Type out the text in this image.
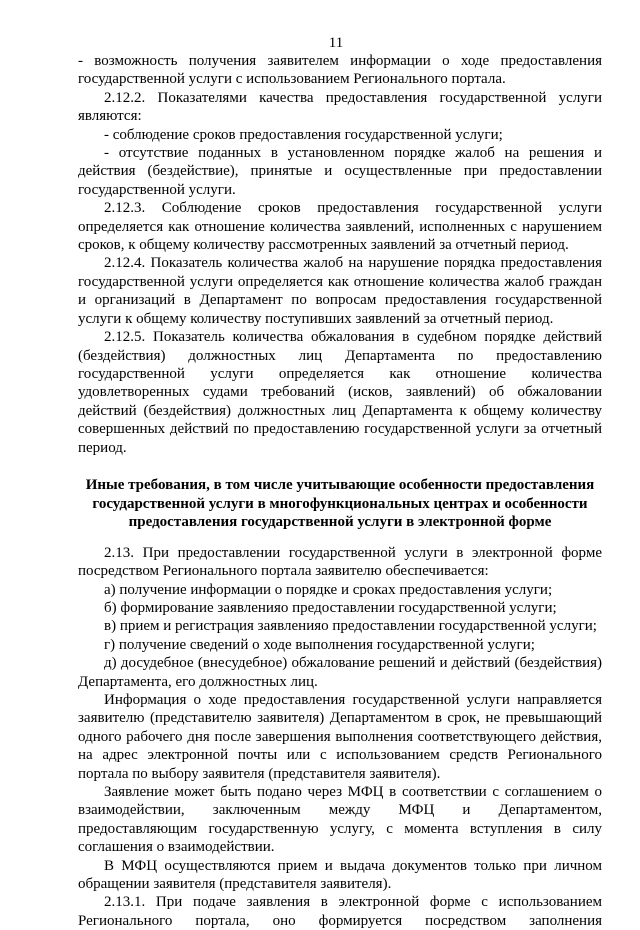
11

- возможность получения заявителем информации о ходе предоставления государственной услуги с использованием Регионального портала.

2.12.2. Показателями качества предоставления государственной услуги являются:

- соблюдение сроков предоставления государственной услуги;

- отсутствие поданных в установленном порядке жалоб на решения и действия (бездействие), принятые и осуществленные при предоставлении государственной услуги.

2.12.3. Соблюдение сроков предоставления государственной услуги определяется как отношение количества заявлений, исполненных с нарушением сроков, к общему количеству рассмотренных заявлений за отчетный период.

2.12.4. Показатель количества жалоб на нарушение порядка предоставления государственной услуги определяется как отношение количества жалоб граждан и организаций в Департамент по вопросам предоставления государственной услуги к общему количеству поступивших заявлений за отчетный период.

2.12.5. Показатель количества обжалования в судебном порядке действий (бездействия) должностных лиц Департамента по предоставлению государственной услуги определяется как отношение количества удовлетворенных судами требований (исков, заявлений) об обжаловании действий (бездействия) должностных лиц Департамента к общему количеству совершенных действий по предоставлению государственной услуги за отчетный период.

Иные требования, в том числе учитывающие особенности предоставления государственной услуги в многофункциональных центрах и особенности предоставления государственной услуги в электронной форме

2.13. При предоставлении государственной услуги в электронной форме посредством Регионального портала заявителю обеспечивается:

а) получение информации о порядке и сроках предоставления услуги;

б) формирование заявленияо предоставлении государственной услуги;

в) прием и регистрация заявленияо предоставлении государственной услуги;

г) получение сведений о ходе выполнения государственной услуги;

д) досудебное (внесудебное) обжалование решений и действий (бездействия) Департамента, его должностных лиц.

Информация о ходе предоставления государственной услуги направляется заявителю (представителю заявителя) Департаментом в срок, не превышающий одного рабочего дня после завершения выполнения соответствующего действия, на адрес электронной почты или с использованием средств Регионального портала по выбору заявителя (представителя заявителя).

Заявление может быть подано через МФЦ в соответствии с соглашением о взаимодействии, заключенным между МФЦ и Департаментом, предоставляющим государственную услугу, с момента вступления в силу соглашения о взаимодействии.

В МФЦ осуществляются прием и выдача документов только при личном обращении заявителя (представителя заявителя).

2.13.1. При подаче заявления в электронной форме с использованием Регионального портала, оно формируется посредством заполнения
